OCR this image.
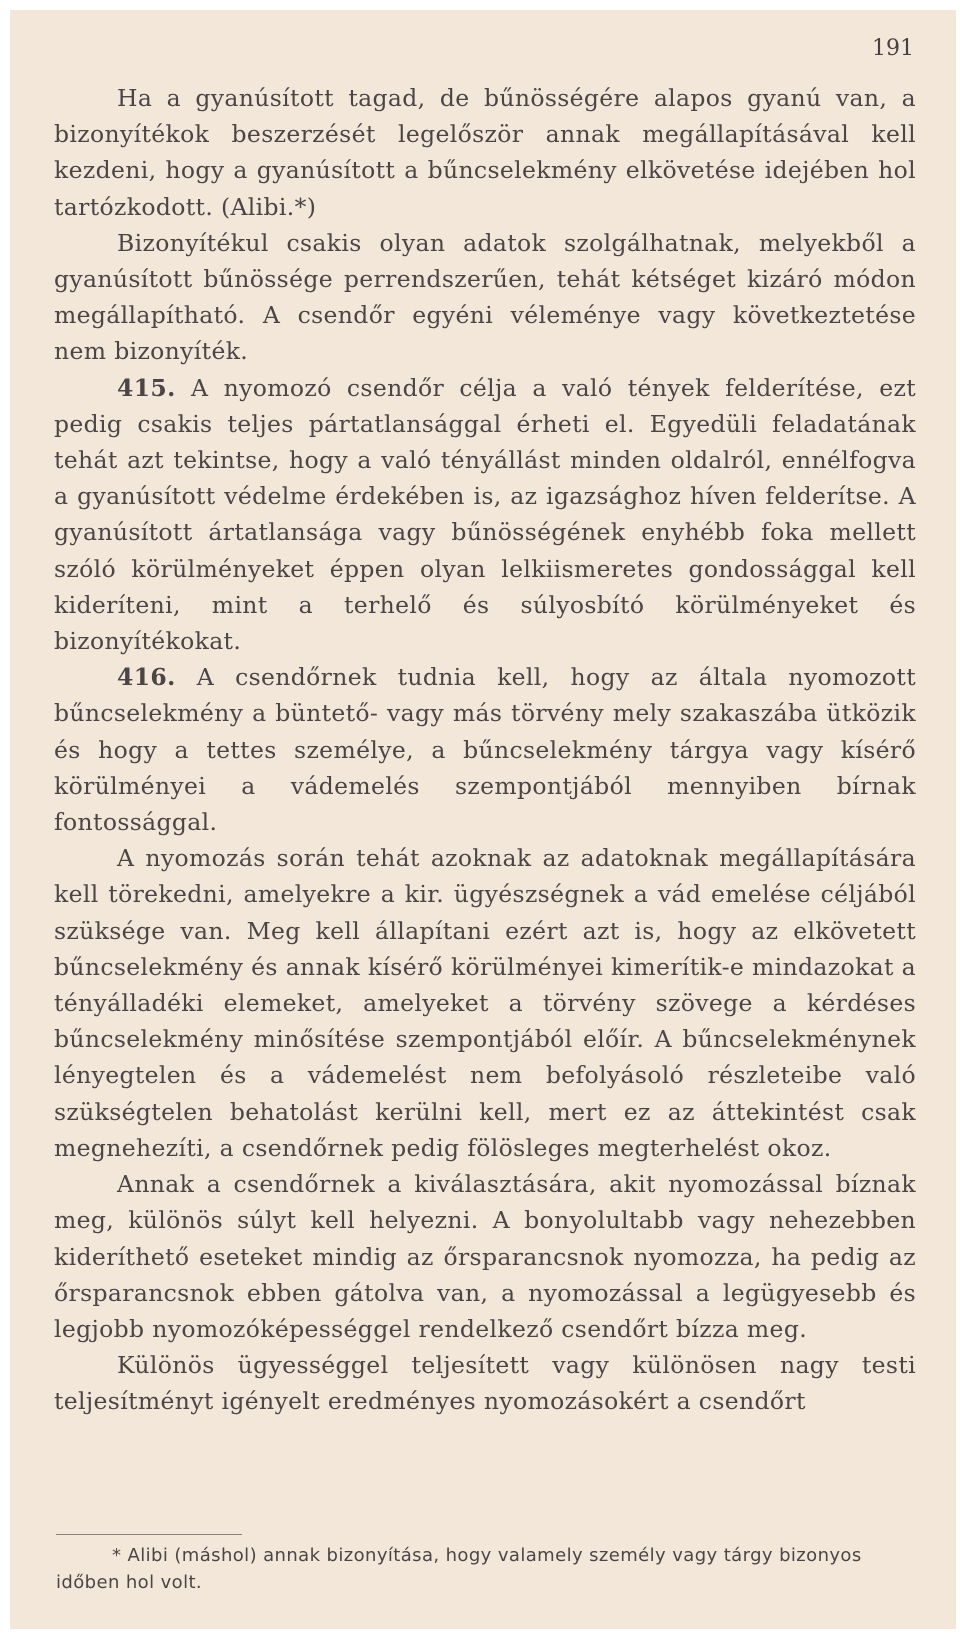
191

Ha a gyanúsított tagad, de bűnösségére alapos gyanú van, a bizonyítékok beszerzését legelőször annak megállapításával kell kezdeni, hogy a gyanúsított a bűncselekmény elkövetése idejében hol tartózkodott. (Alibi.*)

Bizonyítékul csakis olyan adatok szolgálhatnak, melyekből a gyanúsított bűnössége perrendszerűen, tehát kétséget kizáró módon megállapítható. A csendőr egyéni véleménye vagy következtetése nem bizonyíték.

415. A nyomozó csendőr célja a való tények felderítése, ezt pedig csakis teljes pártatlansággal érheti el. Egyedüli feladatának tehát azt tekintse, hogy a való tényállást minden oldalról, ennélfogva a gyanúsított védelme érdekében is, az igazsághoz híven felderítse. A gyanúsított ártatlansága vagy bűnösségének enyhébb foka mellett szóló körülményeket éppen olyan lelkiismeretes gondossággal kell kideríteni, mint a terhelő és súlyosbító körülményeket és bizonyítékokat.

416. A csendőrnek tudnia kell, hogy az általa nyomozott bűncselekmény a büntető- vagy más törvény mely szakaszába ütközik és hogy a tettes személye, a bűncselekmény tárgya vagy kísérő körülményei a vádemelés szempontjából mennyiben bírnak fontossággal.

A nyomozás során tehát azoknak az adatoknak megállapítására kell törekedni, amelyekre a kir. ügyészségnek a vád emelése céljából szüksége van. Meg kell állapítani ezért azt is, hogy az elkövetett bűncselekmény és annak kísérő körülményei kimerítik-e mindazokat a tényálladéki elemeket, amelyeket a törvény szövege a kérdéses bűncselekmény minősítése szempontjából előír. A bűncselekménynek lényegtelen és a vádemelést nem befolyásoló részleteibe való szükségtelen behatolást kerülni kell, mert ez az áttekintést csak megnehezíti, a csendőrnek pedig fölösleges megterhelést okoz.

Annak a csendőrnek a kiválasztására, akit nyomozással bíznak meg, különös súlyt kell helyezni. A bonyolultabb vagy nehezebben kideríthető eseteket mindig az őrsparancsnok nyomozza, ha pedig az őrsparancsnok ebben gátolva van, a nyomozással a legügyesebb és legjobb nyomozóképességgel rendelkező csendőrt bízza meg.

Különös ügyességgel teljesített vagy különösen nagy testi teljesítményt igényelt eredményes nyomozásokért a csendőrt

* Alibi (máshol) annak bizonyítása, hogy valamely személy vagy tárgy bizonyos időben hol volt.
